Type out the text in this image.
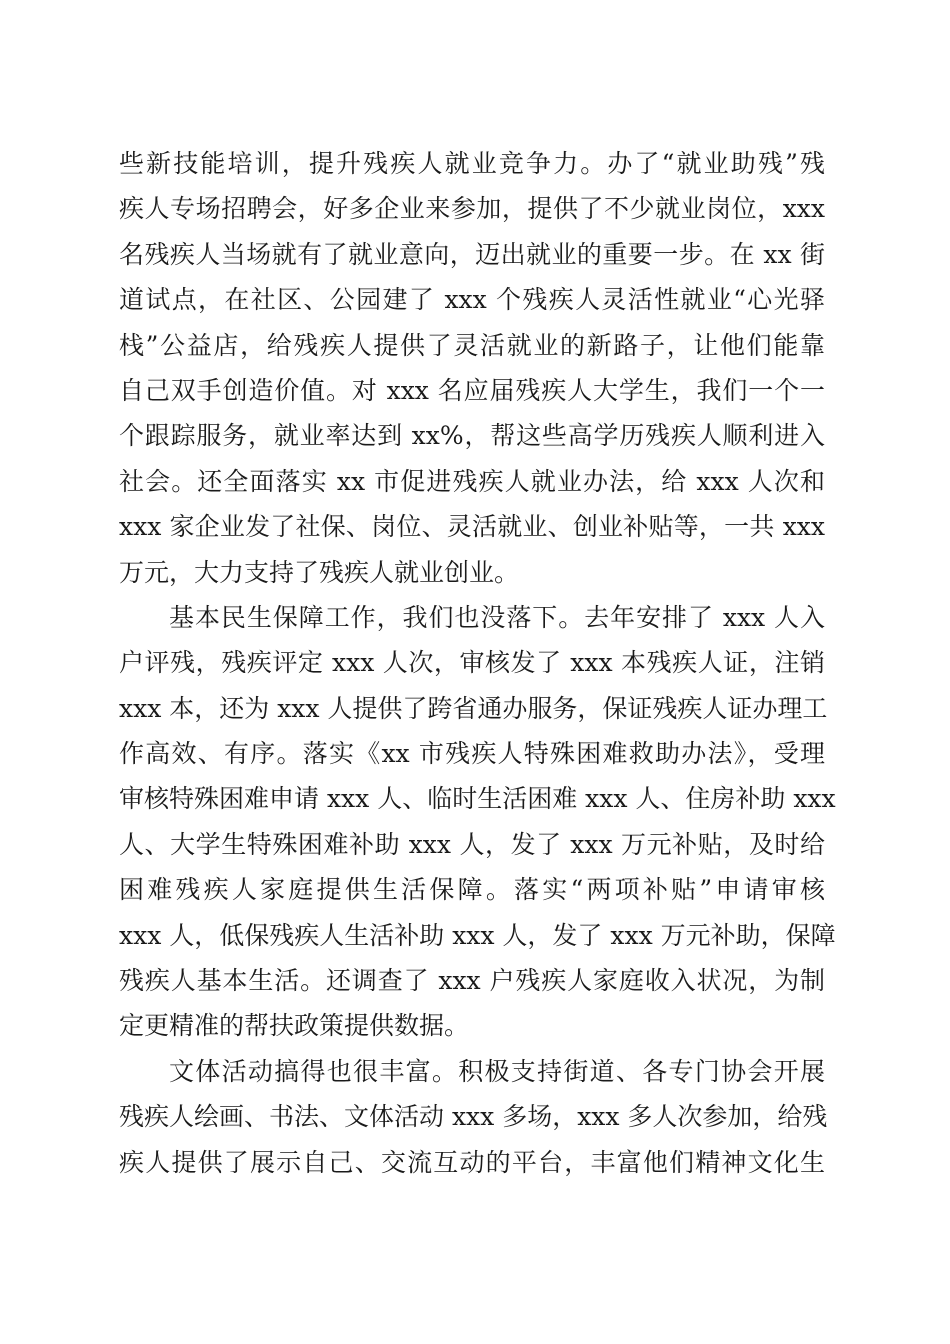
些新技能培训，提升残疾人就业竞争力。办了“就业助残”残
疾人专场招聘会，好多企业来参加，提供了不少就业岗位，xxx
名残疾人当场就有了就业意向，迈出就业的重要一步。在 xx 街
道试点，在社区、公园建了 xxx 个残疾人灵活性就业“心光驿
栈”公益店，给残疾人提供了灵活就业的新路子，让他们能靠
自己双手创造价值。对 xxx 名应届残疾人大学生，我们一个一
个跟踪服务，就业率达到 xx%，帮这些高学历残疾人顺利进入
社会。还全面落实 xx 市促进残疾人就业办法，给 xxx 人次和
xxx 家企业发了社保、岗位、灵活就业、创业补贴等，一共 xxx
万元，大力支持了残疾人就业创业。
基本民生保障工作，我们也没落下。去年安排了 xxx 人入
户评残，残疾评定 xxx 人次，审核发了 xxx 本残疾人证，注销
xxx 本，还为 xxx 人提供了跨省通办服务，保证残疾人证办理工
作高效、有序。落实《xx 市残疾人特殊困难救助办法》，受理
审核特殊困难申请 xxx 人、临时生活困难 xxx 人、住房补助 xxx
人、大学生特殊困难补助 xxx 人，发了 xxx 万元补贴，及时给
困难残疾人家庭提供生活保障。落实“两项补贴”申请审核
xxx 人，低保残疾人生活补助 xxx 人，发了 xxx 万元补助，保障
残疾人基本生活。还调查了 xxx 户残疾人家庭收入状况，为制
定更精准的帮扶政策提供数据。
文体活动搞得也很丰富。积极支持街道、各专门协会开展
残疾人绘画、书法、文体活动 xxx 多场，xxx 多人次参加，给残
疾人提供了展示自己、交流互动的平台，丰富他们精神文化生
